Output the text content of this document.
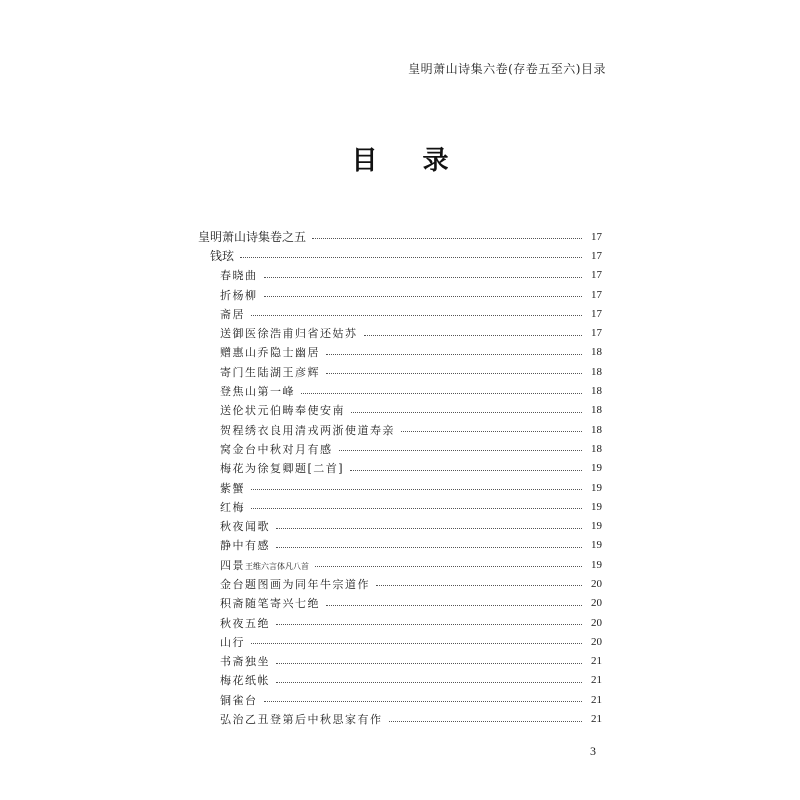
皇明萧山诗集六卷(存卷五至六)目录
目 录
皇明萧山诗集卷之五	17
钱玹	17
春晓曲	17
折杨柳	17
斋居	17
送御医徐浩甫归省还姑苏	17
赠惠山乔隐士幽居	18
寄门生陆湖王彦辉	18
登焦山第一峰	18
送伦状元伯畴奉使安南	18
贺程绣衣良用清戎两浙使道寿亲	18
窝金台中秋对月有感	18
梅花为徐复卿题[二首]	19
紫蟹	19
红梅	19
秋夜闻歌	19
静中有感	19
四景王维六言体凡八首	19
金台题图画为同年牛宗道作	20
积斋随笔寄兴七绝	20
秋夜五绝	20
山行	20
书斋独坐	21
梅花纸帐	21
铜雀台	21
弘治乙丑登第后中秋思家有作	21
3
